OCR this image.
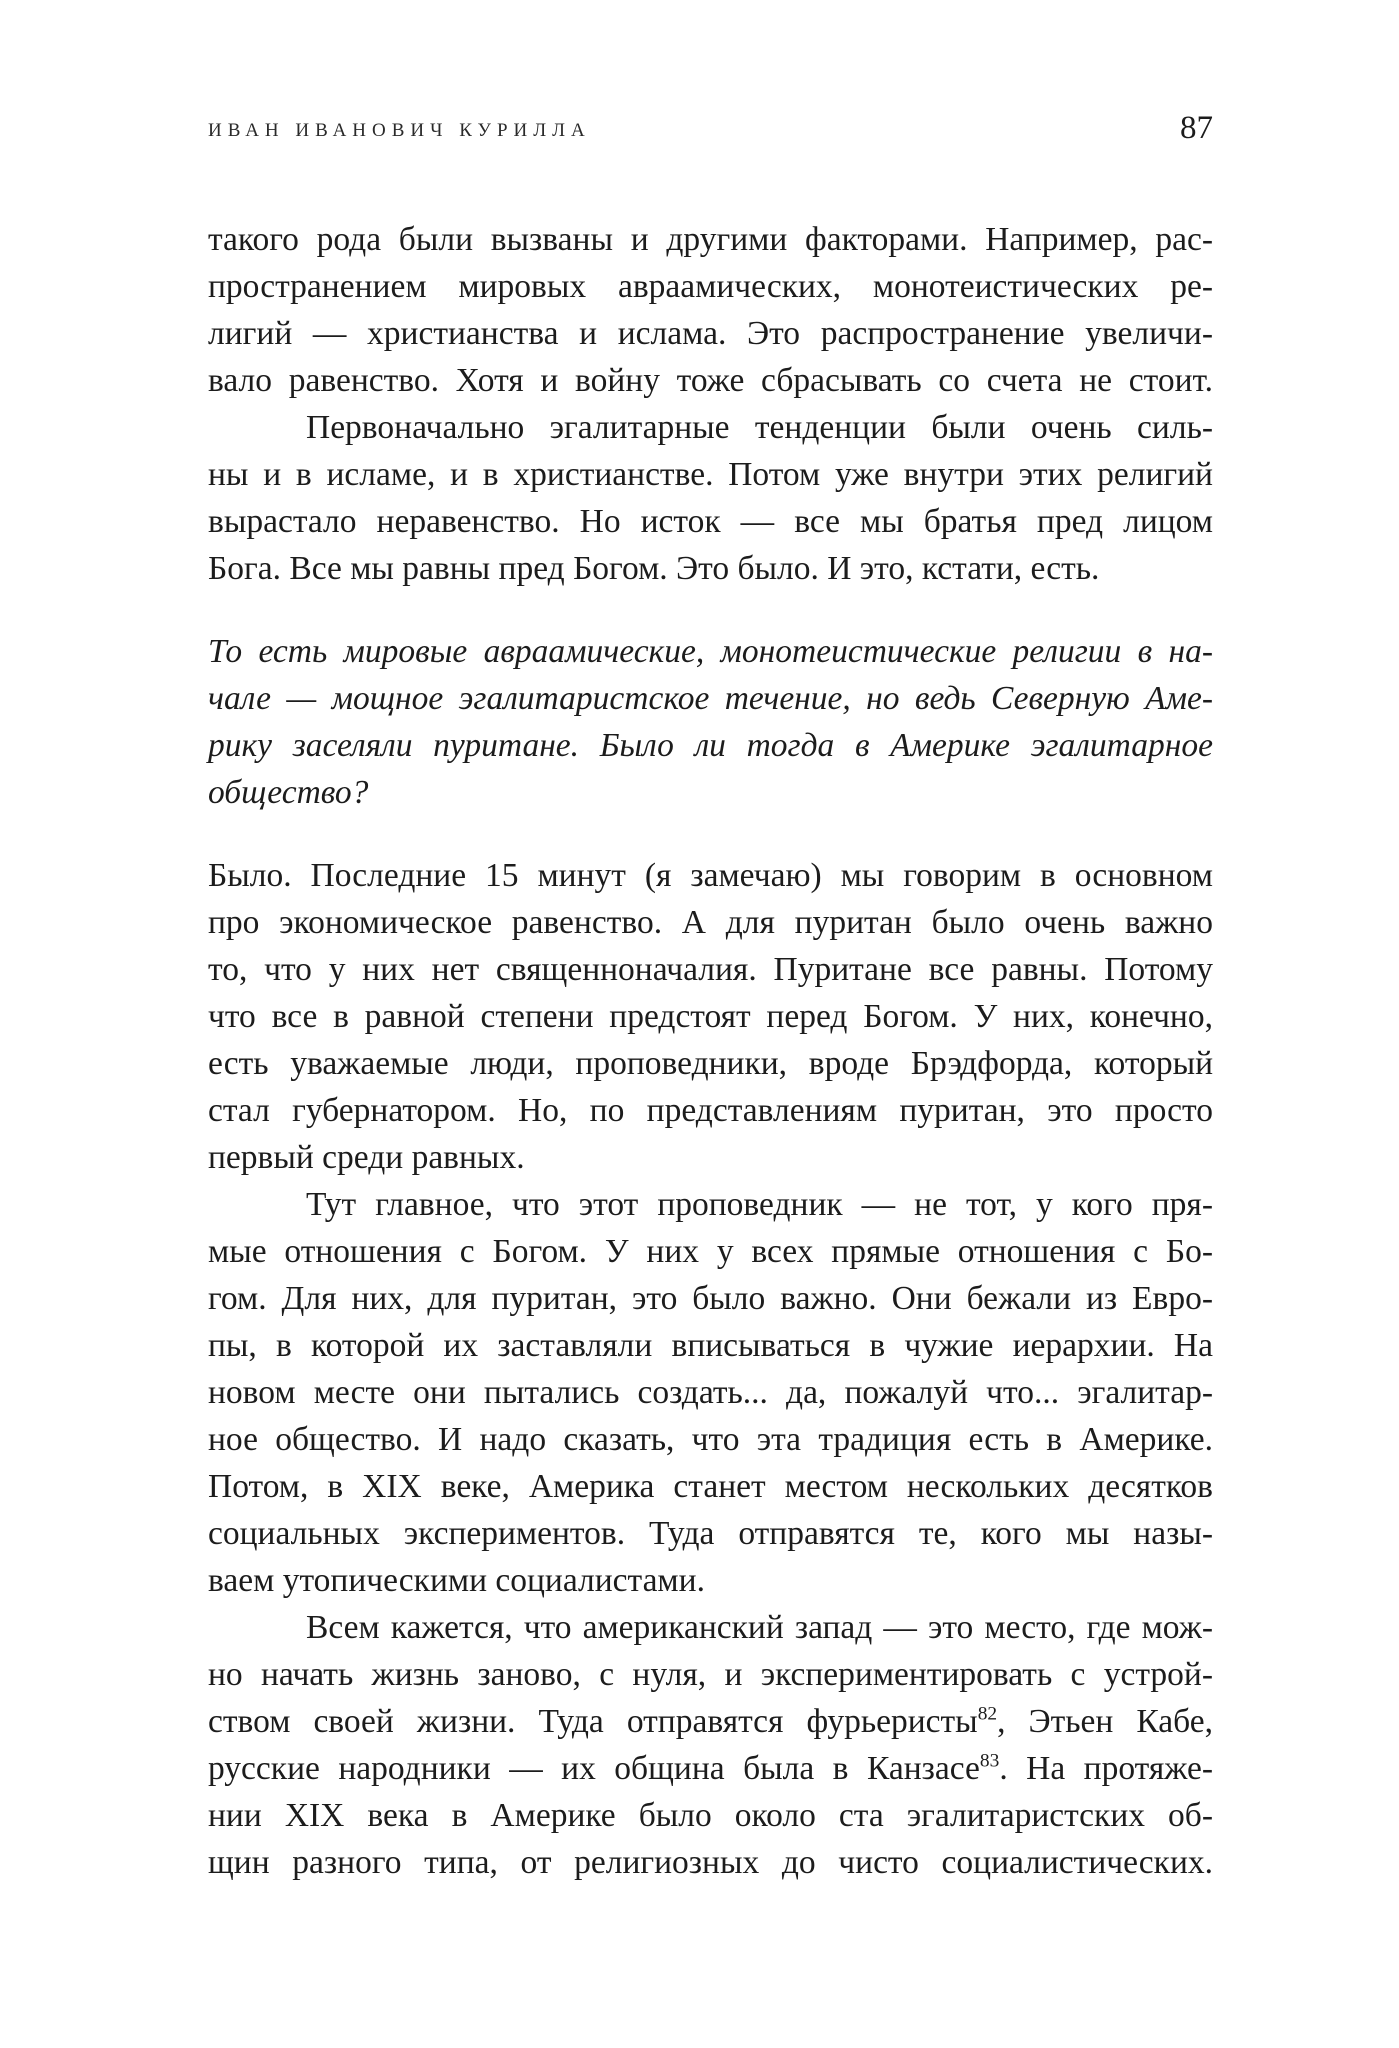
ИВАН ИВАНОВИЧ КУРИЛЛА	87
такого рода были вызваны и другими факторами. Например, рас-
пространением мировых авраамических, монотеистических ре-
лигий — христианства и ислама. Это распространение увеличи-
вало равенство. Хотя и войну тоже сбрасывать со счета не стоит.
Первоначально эгалитарные тенденции были очень силь-
ны и в исламе, и в христианстве. Потом уже внутри этих религий
вырастало неравенство. Но исток — все мы братья пред лицом
Бога. Все мы равны пред Богом. Это было. И это, кстати, есть.
То есть мировые авраамические, монотеистические религии в на-
чале — мощное эгалитаристское течение, но ведь Северную Аме-
рику заселяли пуритане. Было ли тогда в Америке эгалитарное
общество?
Было. Последние 15 минут (я замечаю) мы говорим в основном
про экономическое равенство. А для пуритан было очень важно
то, что у них нет священноначалия. Пуритане все равны. Потому
что все в равной степени предстоят перед Богом. У них, конечно,
есть уважаемые люди, проповедники, вроде Брэдфорда, который
стал губернатором. Но, по представлениям пуритан, это просто
первый среди равных.
Тут главное, что этот проповедник — не тот, у кого пря-
мые отношения с Богом. У них у всех прямые отношения с Бо-
гом. Для них, для пуритан, это было важно. Они бежали из Евро-
пы, в которой их заставляли вписываться в чужие иерархии. На
новом месте они пытались создать... да, пожалуй что... эгалитар-
ное общество. И надо сказать, что эта традиция есть в Америке.
Потом, в XIX веке, Америка станет местом нескольких десятков
социальных экспериментов. Туда отправятся те, кого мы назы-
ваем утопическими социалистами.
Всем кажется, что американский запад — это место, где мож-
но начать жизнь заново, с нуля, и экспериментировать с устрой-
ством своей жизни. Туда отправятся фурьеристы$^{82}$, Этьен Кабе,
русские народники — их община была в Канзасе$^{83}$. На протяже-
нии XIX века в Америке было около ста эгалитаристских об-
щин разного типа, от религиозных до чисто социалистических.
